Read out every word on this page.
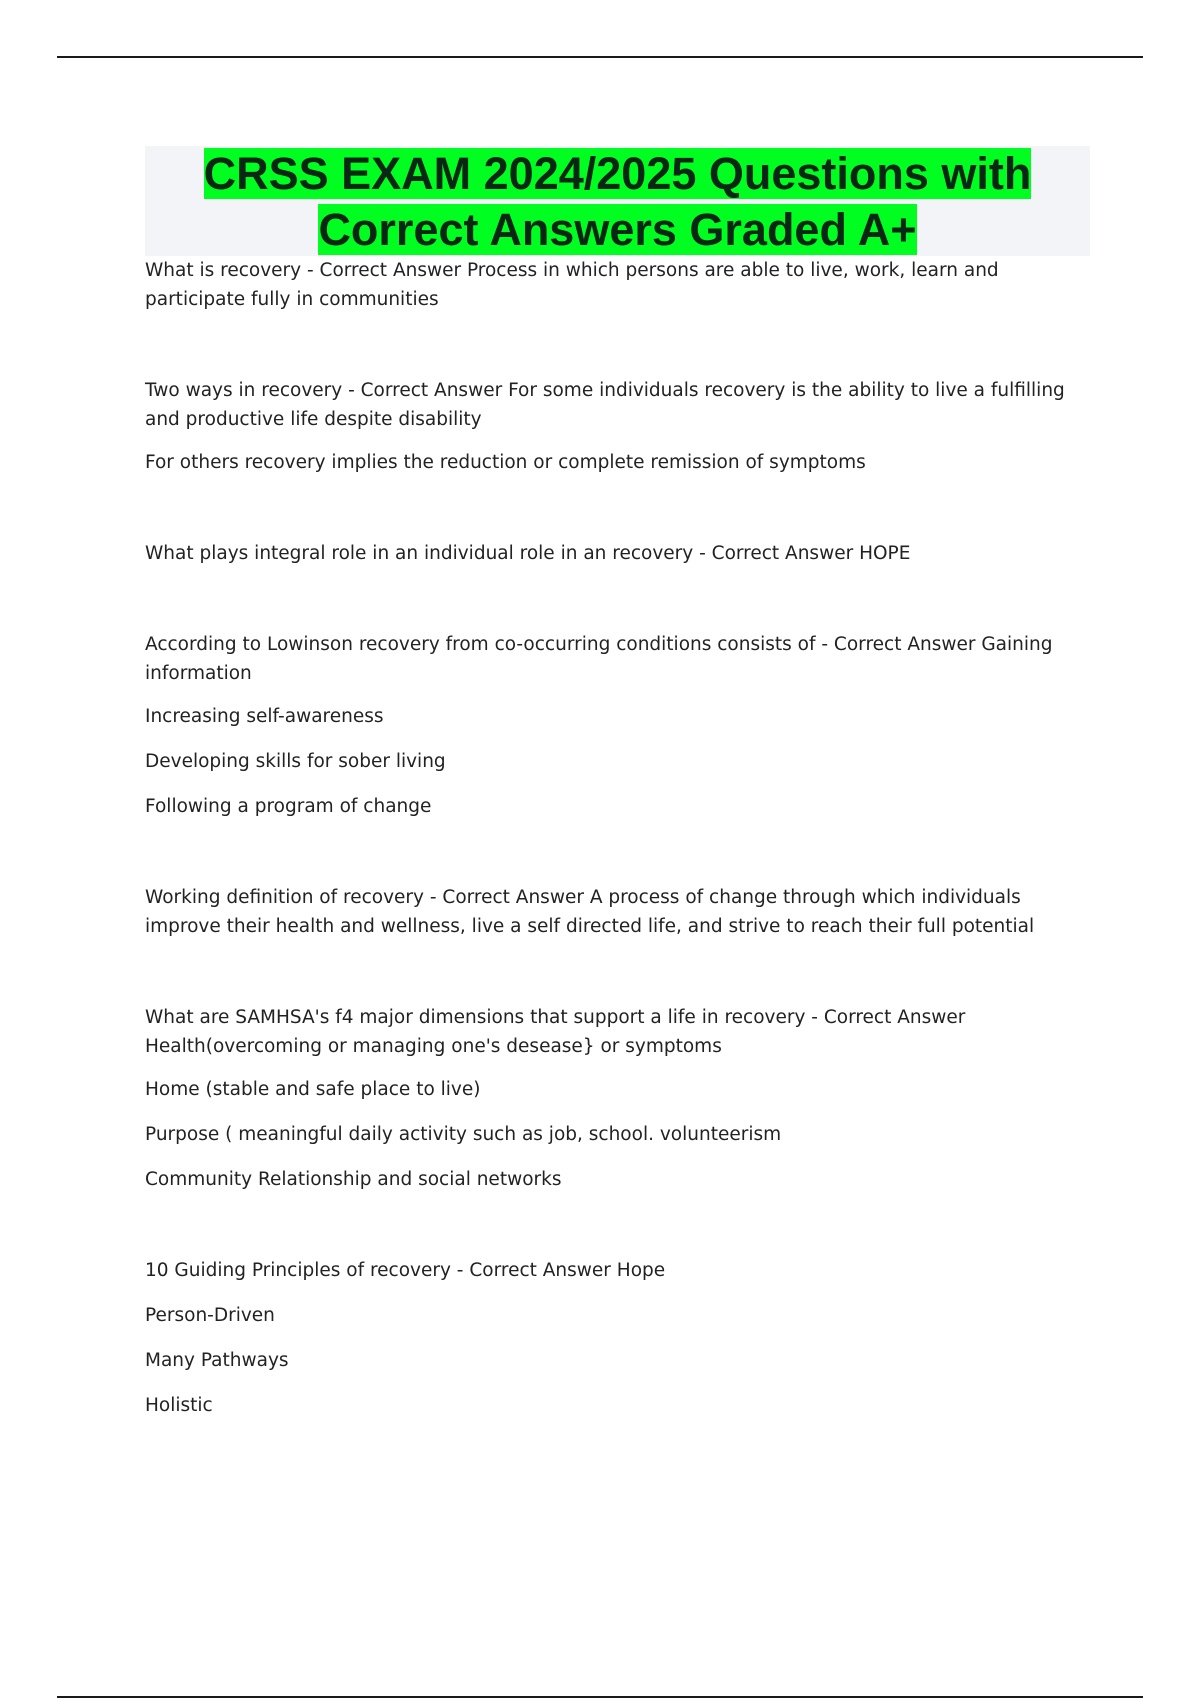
CRSS EXAM 2024/2025 Questions with
Correct Answers Graded A+

What is recovery - Correct Answer Process in which persons are able to live, work, learn and participate fully in communities

Two ways in recovery - Correct Answer For some individuals recovery is the ability to live a fulfilling and productive life despite disability

For others recovery implies the reduction or complete remission of symptoms

What plays integral role in an individual role in an recovery - Correct Answer HOPE

According to Lowinson recovery from co-occurring conditions consists of - Correct Answer Gaining information

Increasing self-awareness

Developing skills for sober living

Following a program of change

Working definition of recovery - Correct Answer A process of change through which individuals improve their health and wellness, live a self directed life, and strive to reach their full potential

What are SAMHSA's f4 major dimensions that support a life in recovery - Correct Answer Health(overcoming or managing one's desease} or symptoms

Home (stable and safe place to live)

Purpose ( meaningful daily activity such as job, school. volunteerism

Community Relationship and social networks

10 Guiding Principles of recovery - Correct Answer Hope

Person-Driven

Many Pathways

Holistic
